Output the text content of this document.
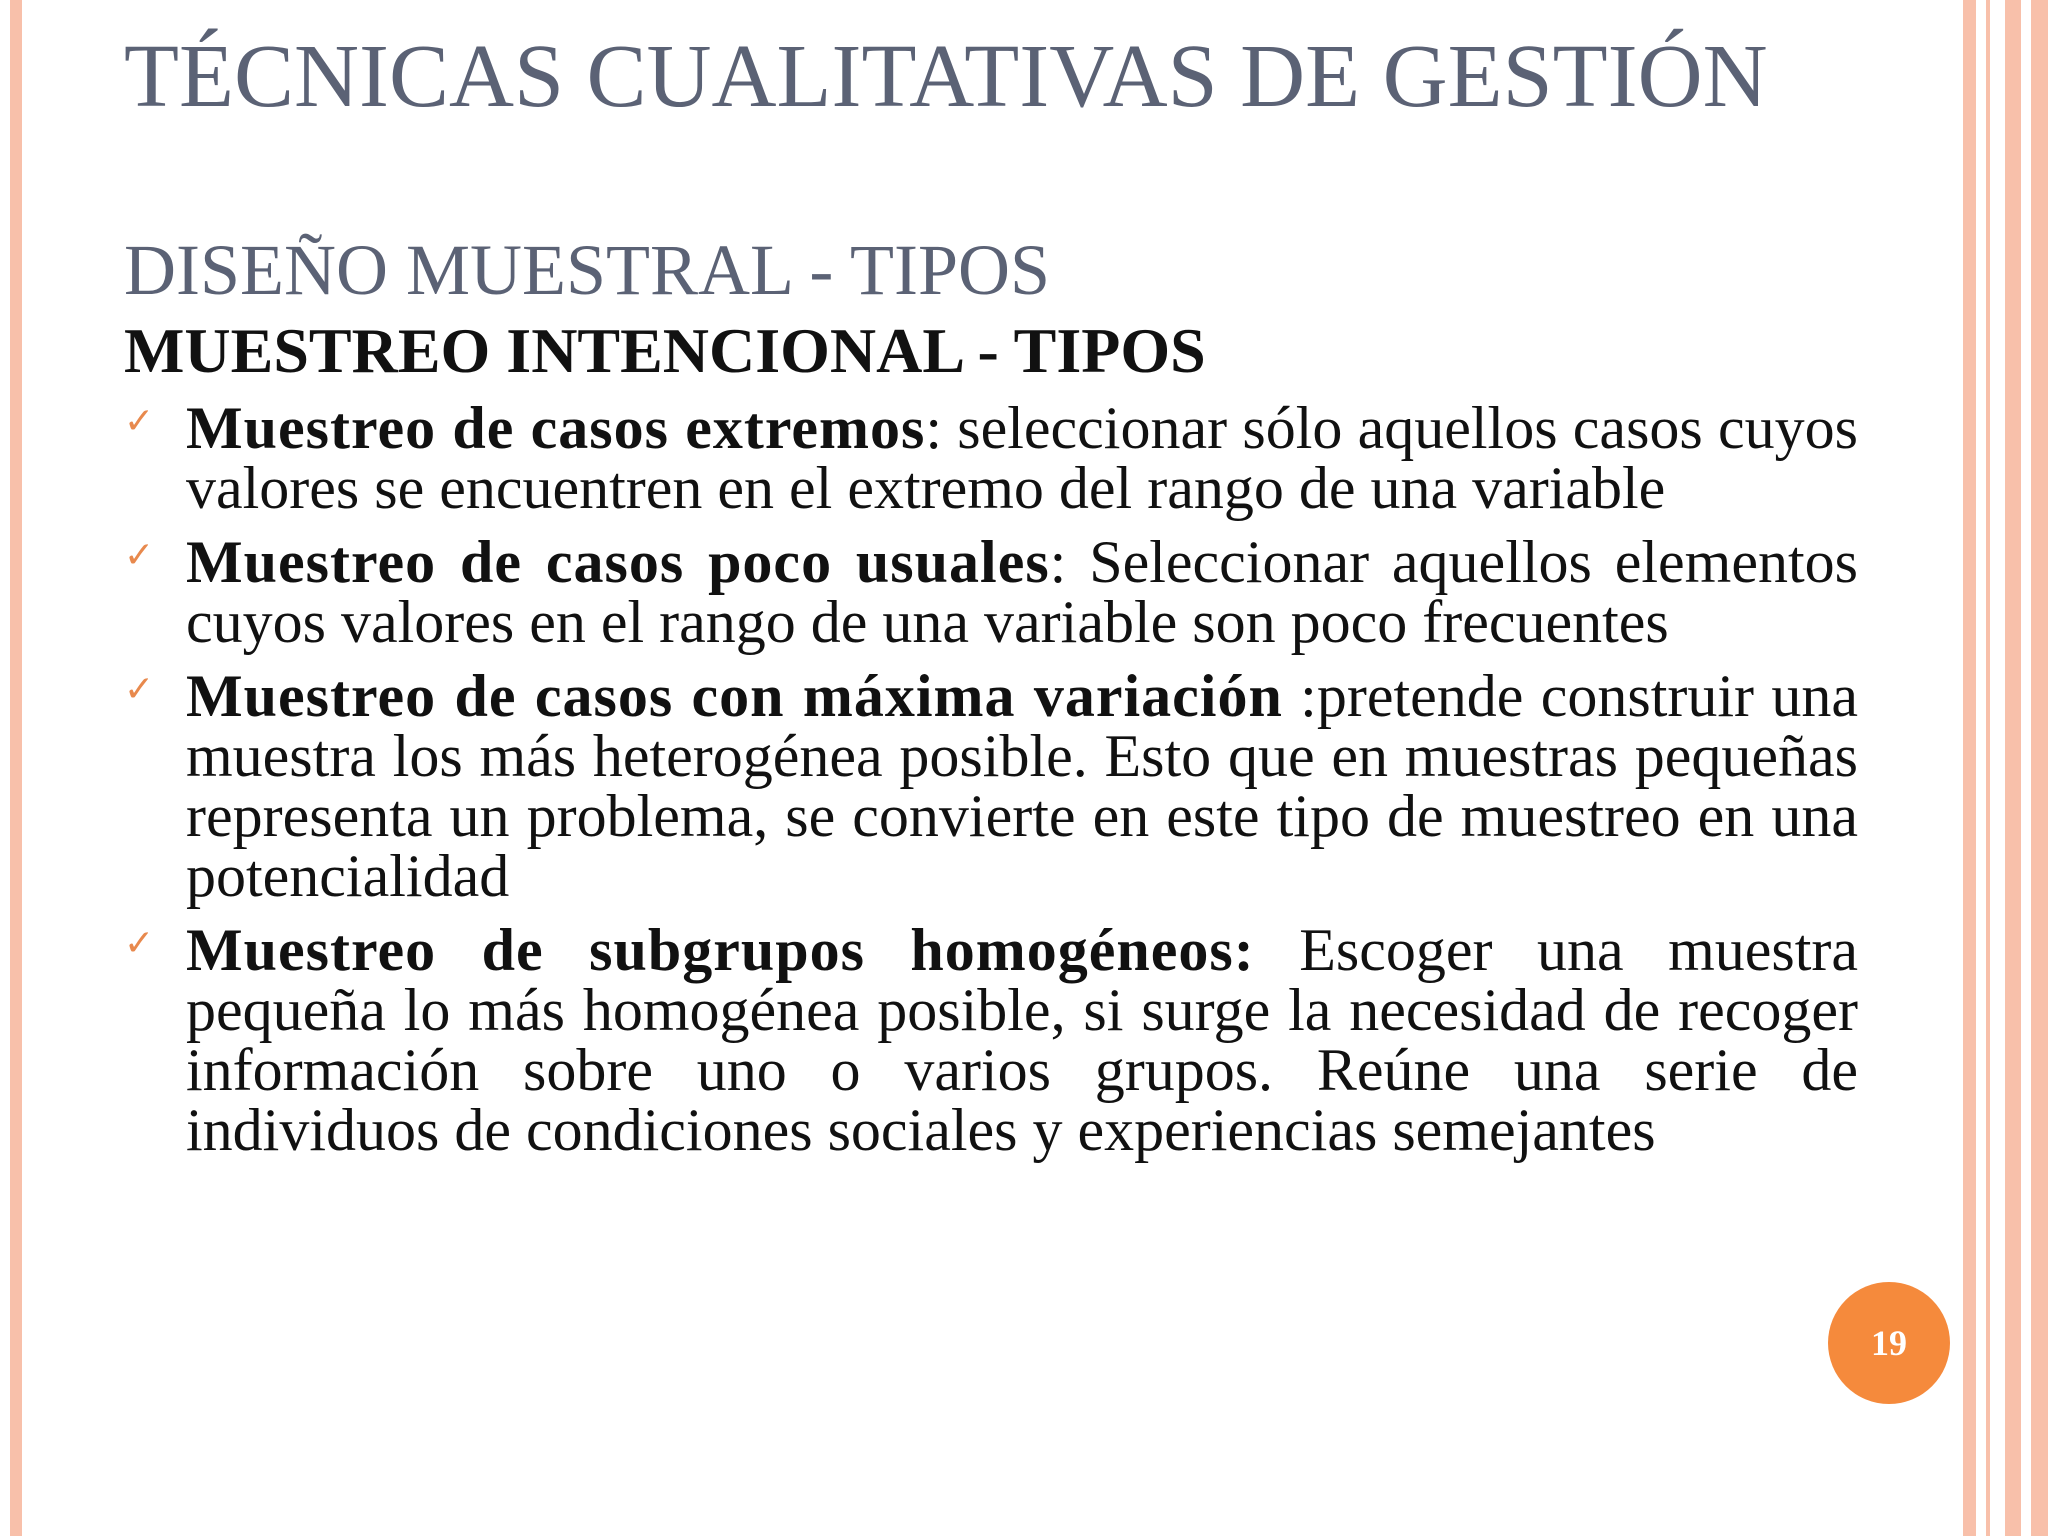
TÉCNICAS CUALITATIVAS DE GESTIÓN
DISEÑO MUESTRAL - TIPOS
MUESTREO INTENCIONAL - TIPOS
✓ Muestreo de casos extremos: seleccionar sólo aquellos casos cuyos valores se encuentren en el extremo del rango de una variable
✓ Muestreo de casos poco usuales: Seleccionar aquellos elementos cuyos valores en el rango de una variable son poco frecuentes
✓ Muestreo de casos con máxima variación :pretende construir una muestra los más heterogénea posible. Esto que en muestras pequeñas representa un problema, se convierte en este tipo de muestreo en una potencialidad
✓ Muestreo de subgrupos homogéneos: Escoger una muestra pequeña lo más homogénea posible, si surge la necesidad de recoger información sobre uno o varios grupos. Reúne una serie de individuos de condiciones sociales y experiencias semejantes
19
